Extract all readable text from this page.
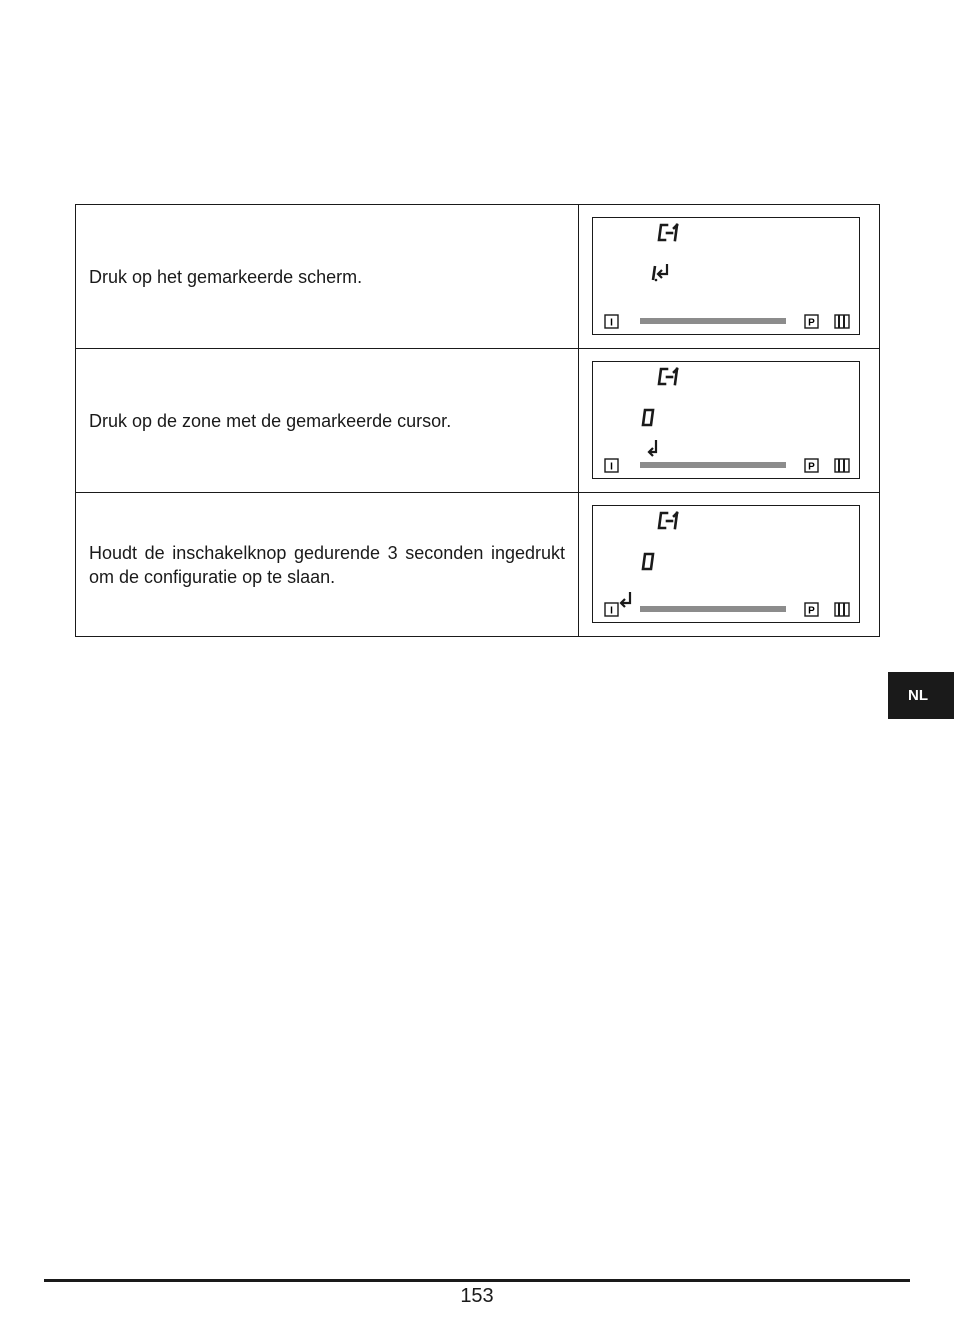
Druk op het gemarkeerde scherm.	I P

Druk op de zone met de gemarkeerde cursor.	I P

Houdt de inschakelknop gedurende 3 seconden ingedrukt om de configuratie op te slaan.	I P
NL
153
